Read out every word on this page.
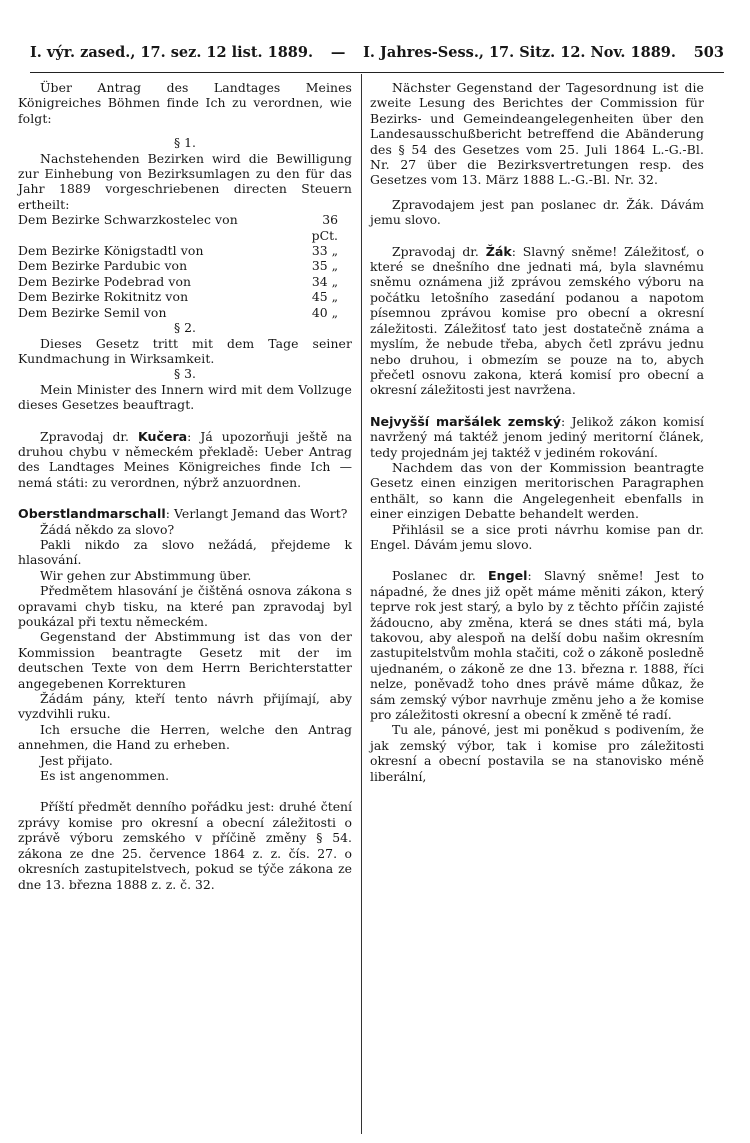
I. výr. zased., 17. sez. 12 list. 1889. — I. Jahres-Sess., 17. Sitz. 12. Nov. 1889. 503

Über Antrag des Landtages Meines Königreiches Böhmen finde Ich zu verordnen, wie folgt:

§ 1.

Nachstehenden Bezirken wird die Bewilligung zur Einhebung von Bezirksumlagen zu den für das Jahr 1889 vorgeschriebenen directen Steuern ertheilt:

Dem Bezirke Schwarzkostelec von	36 pCt.
Dem Bezirke Königstadtl von	33 „
Dem Bezirke Pardubic von	35 „
Dem Bezirke Podebrad von	34 „
Dem Bezirke Rokitnitz von	45 „
Dem Bezirke Semil von	40 „

§ 2.

Dieses Gesetz tritt mit dem Tage seiner Kundmachung in Wirksamkeit.

§ 3.

Mein Minister des Innern wird mit dem Vollzuge dieses Gesetzes beauftragt.

Zpravodaj dr. Kučera: Já upozorňuji ještě na druhou chybu v německém překladě: Ueber Antrag des Landtages Meines Königreiches finde Ich — nemá státi: zu verordnen, nýbrž anzuordnen.

Oberstlandmarschall: Verlangt Jemand das Wort?

Žádá někdo za slovo?

Pakli nikdo za slovo nežádá, přejdeme k hlasování.

Wir gehen zur Abstimmung über.

Předmětem hlasování je čištěná osnova zákona s opravami chyb tisku, na které pan zpravodaj byl poukázal při textu německém.

Gegenstand der Abstimmung ist das von der Kommission beantragte Gesetz mit der im deutschen Texte von dem Herrn Berichterstatter angegebenen Korrekturen

Žádám pány, kteří tento návrh přijímají, aby vyzdvihli ruku.

Ich ersuche die Herren, welche den Antrag annehmen, die Hand zu erheben.

Jest přijato.

Es ist angenommen.

Příští předmět denního pořádku jest: druhé čtení zprávy komise pro okresní a obecní záležitosti o zprávě výboru zemského v příčině změny § 54. zákona ze dne 25. července 1864 z. z. čís. 27. o okresních zastupitelstvech, pokud se týče zákona ze dne 13. března 1888 z. z. č. 32.

Nächster Gegenstand der Tagesordnung ist die zweite Lesung des Berichtes der Commission für Bezirks- und Gemeindeangelegenheiten über den Landesausschußbericht betreffend die Abänderung des § 54 des Gesetzes vom 25. Juli 1864 L.-G.-Bl. Nr. 27 über die Bezirksvertretungen resp. des Gesetzes vom 13. März 1888 L.-G.-Bl. Nr. 32.

Zpravodajem jest pan poslanec dr. Žák. Dávám jemu slovo.

Zpravodaj dr. Žák: Slavný sněme! Záležitosť, o které se dnešního dne jednati má, byla slavnému sněmu oznámena již zprávou zemského výboru na počátku letošního zasedání podanou a napotom písemnou zprávou komise pro obecní a okresní záležitosti. Záležitosť tato jest dostatečně známa a myslím, že nebude třeba, abych četl zprávu jednu nebo druhou, i obmezím se pouze na to, abych přečetl osnovu zakona, která komisí pro obecní a okresní záležitosti jest navržena.

Nejvyšší maršálek zemský: Jelikož zákon komisí navržený má taktéž jenom jediný meritorní článek, tedy projednám jej taktéž v jediném rokování.

Nachdem das von der Kommission beantragte Gesetz einen einzigen meritorischen Paragraphen enthält, so kann die Angelegenheit ebenfalls in einer einzigen Debatte behandelt werden.

Přihlásil se a sice proti návrhu komise pan dr. Engel. Dávám jemu slovo.

Poslanec dr. Engel: Slavný sněme! Jest to nápadné, že dnes již opět máme měniti zákon, který teprve rok jest starý, a bylo by z těchto příčin zajisté žádoucno, aby změna, která se dnes státi má, byla takovou, aby alespoň na delší dobu našim okresním zastupitelstvům mohla stačiti, což o zákoně posledně ujednaném, o zákoně ze dne 13. března r. 1888, říci nelze, poněvadž toho dnes právě máme důkaz, že sám zemský výbor navrhuje změnu jeho a že komise pro záležitosti okresní a obecní k změně té radí.

Tu ale, pánové, jest mi poněkud s podivením, že jak zemský výbor, tak i komise pro záležitosti okresní a obecní postavila se na stanovisko méně liberální,
